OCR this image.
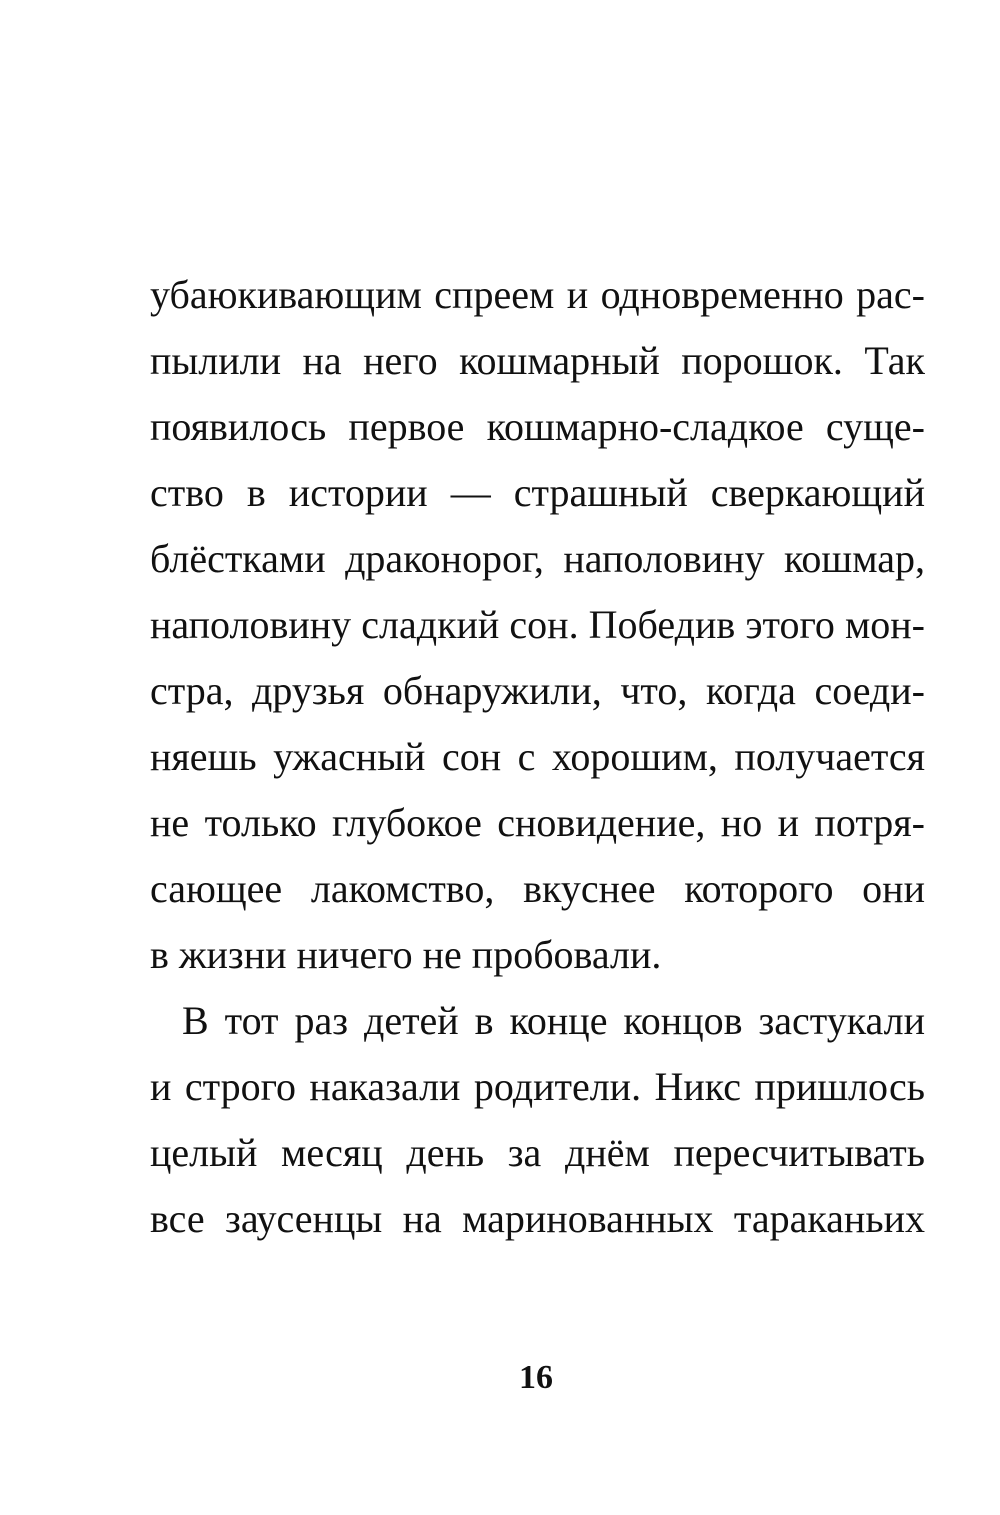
убаюкивающим спреем и одновременно рас-
пылили на него кошмарный порошок. Так
появилось первое кошмарно-сладкое суще-
ство в истории — страшный сверкающий
блёстками драконорог, наполовину кошмар,
наполовину сладкий сон. Победив этого мон-
стра, друзья обнаружили, что, когда соеди-
няешь ужасный сон с хорошим, получается
не только глубокое сновидение, но и потря-
сающее лакомство, вкуснее которого они
в жизни ничего не пробовали.
В тот раз детей в конце концов застукали
и строго наказали родители. Никс пришлось
целый месяц день за днём пересчитывать
все заусенцы на маринованных тараканьих
16
